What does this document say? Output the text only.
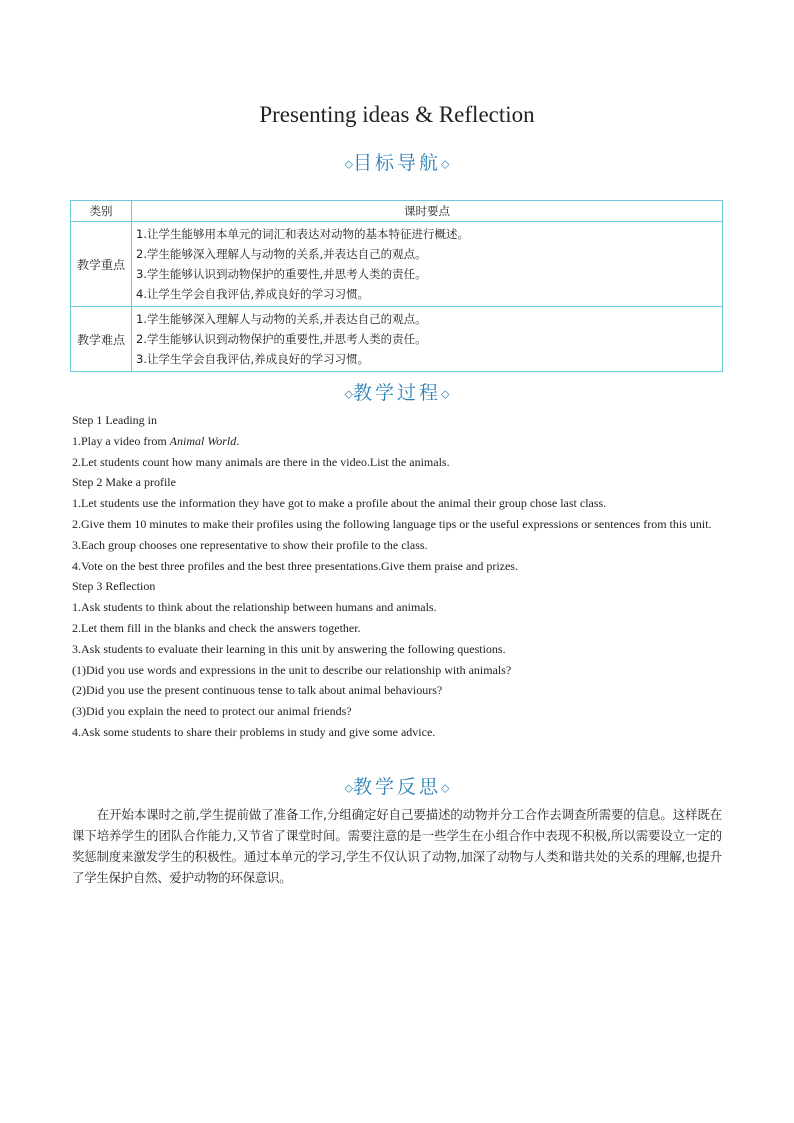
Presenting ideas & Reflection
◇目标导航◇
类别	课时要点
教学重点	1.让学生能够用本单元的词汇和表达对动物的基本特征进行概述。
2.学生能够深入理解人与动物的关系,并表达自己的观点。
3.学生能够认识到动物保护的重要性,并思考人类的责任。
4.让学生学会自我评估,养成良好的学习习惯。

教学难点	1.学生能够深入理解人与动物的关系,并表达自己的观点。
2.学生能够认识到动物保护的重要性,并思考人类的责任。
3.让学生学会自我评估,养成良好的学习习惯。
◇教学过程◇

Step 1 Leading in

1.Play a video from Animal World.

2.Let students count how many animals are there in the video.List the animals.

Step 2 Make a profile

1.Let students use the information they have got to make a profile about the animal their group chose last class.

2.Give them 10 minutes to make their profiles using the following language tips or the useful expressions or sentences from this unit.

3.Each group chooses one representative to show their profile to the class.

4.Vote on the best three profiles and the best three presentations.Give them praise and prizes.

Step 3 Reflection

1.Ask students to think about the relationship between humans and animals.

2.Let them fill in the blanks and check the answers together.

3.Ask students to evaluate their learning in this unit by answering the following questions.

(1)Did you use words and expressions in the unit to describe our relationship with animals?

(2)Did you use the present continuous tense to talk about animal behaviours?

(3)Did you explain the need to protect our animal friends?

4.Ask some students to share their problems in study and give some advice.

◇教学反思◇

在开始本课时之前,学生提前做了准备工作,分组确定好自己要描述的动物并分工合作去调查所需要的信息。这样既在课下培养学生的团队合作能力,又节省了课堂时间。需要注意的是一些学生在小组合作中表现不积极,所以需要设立一定的奖惩制度来激发学生的积极性。通过本单元的学习,学生不仅认识了动物,加深了动物与人类和谐共处的关系的理解,也提升了学生保护自然、爱护动物的环保意识。
